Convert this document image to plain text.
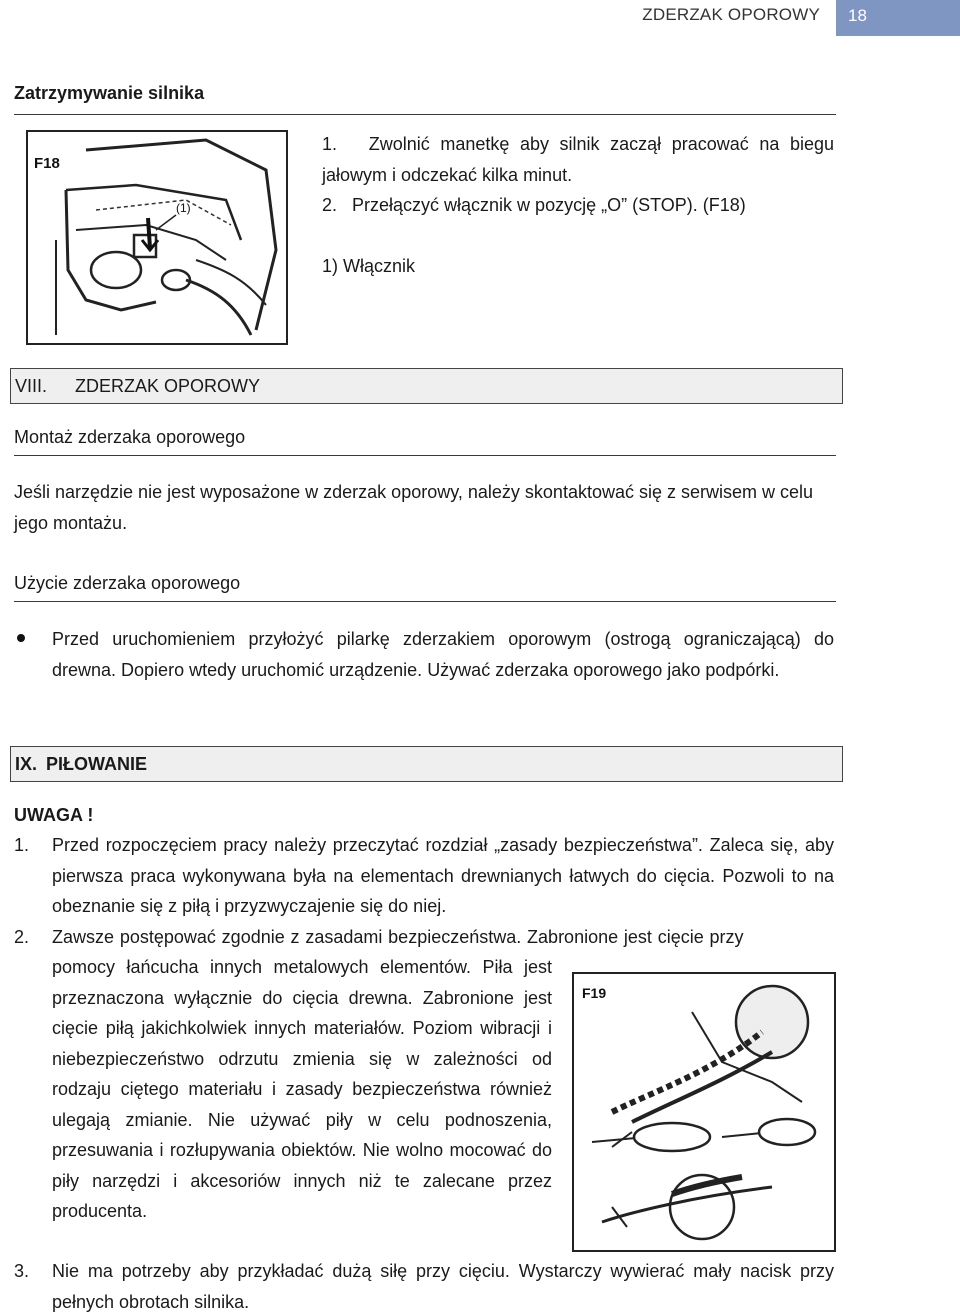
ZDERZAK OPOROWY	18
Zatrzymywanie silnika
F18
(1)
1.   Zwolnić manetkę aby silnik zaczął pracować na biegu jałowym i odczekać kilka minut.
2.   Przełączyć włącznik w pozycję „O” (STOP). (F18)
1) Włącznik
VIII. ZDERZAK OPOROWY
Montaż zderzaka oporowego
Jeśli narzędzie nie jest wyposażone w zderzak oporowy, należy skontaktować się z serwisem w celu jego montażu.
Użycie zderzaka oporowego
Przed uruchomieniem przyłożyć pilarkę zderzakiem oporowym (ostrogą ograniczającą) do drewna. Dopiero wtedy uruchomić urządzenie. Używać zderzaka oporowego jako podpórki.
IX. PIŁOWANIE
UWAGA !
1. Przed rozpoczęciem pracy należy przeczytać rozdział „zasady bezpieczeństwa”. Zaleca się, aby pierwsza praca wykonywana była na elementach drewnianych łatwych do cięcia. Pozwoli to na obeznanie się z piłą i przyzwyczajenie się do niej.
2. Zawsze postępować zgodnie z zasadami bezpieczeństwa. Zabronione jest cięcie przy
pomocy łańcucha innych metalowych elementów. Piła jest przeznaczona wyłącznie do cięcia drewna. Zabronione jest cięcie piłą jakichkolwiek innych materiałów. Poziom wibracji i niebezpieczeństwo odrzutu zmienia się w zależności od rodzaju ciętego materiału i zasady bezpieczeństwa również ulegają zmianie. Nie używać piły w celu podnoszenia, przesuwania i rozłupywania obiektów. Nie wolno mocować do piły narzędzi i akcesoriów innych niż te zalecane przez producenta.
F19
3. Nie ma potrzeby aby przykładać dużą siłę przy cięciu. Wystarczy wywierać mały nacisk przy pełnych obrotach silnika.
